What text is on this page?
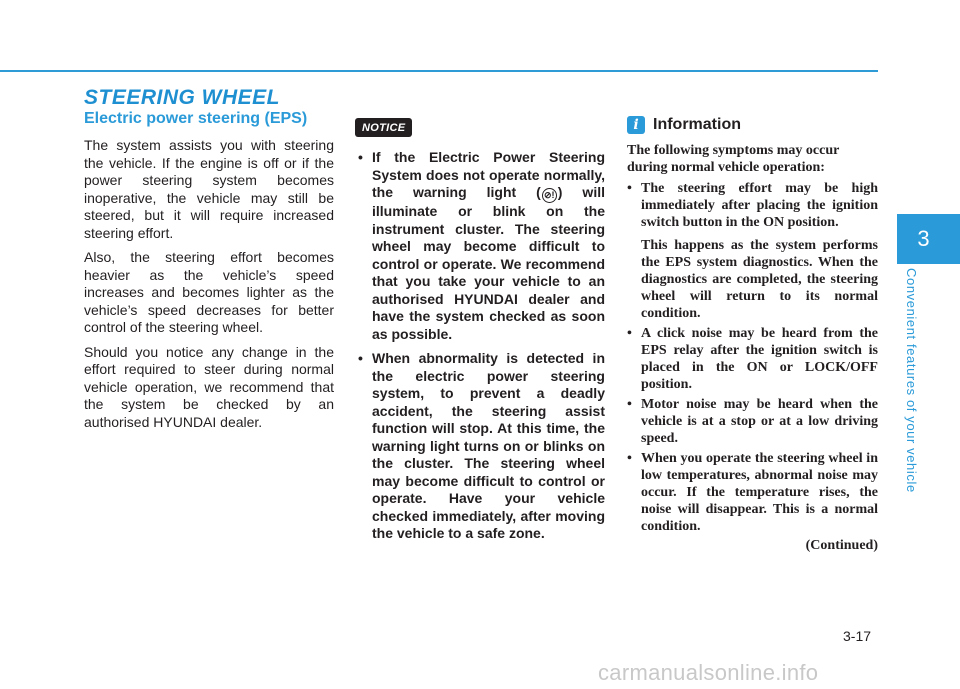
STEERING WHEEL
Electric power steering (EPS)

The system assists you with steering the vehicle. If the engine is off or if the power steering system becomes inoperative, the vehicle may still be steered, but it will require increased steering effort.

Also, the steering effort becomes heavier as the vehicle’s speed increases and becomes lighter as the vehicle’s speed decreases for better control of the steering wheel.

Should you notice any change in the effort required to steer during normal vehicle operation, we recommend that the system be checked by an authorised HYUNDAI dealer.

NOTICE
• If the Electric Power Steering System does not operate normally, the warning light ( ⊘! ) will illuminate or blink on the instrument cluster. The steering wheel may become difficult to control or operate. We recommend that you take your vehicle to an authorised HYUNDAI dealer and have the system checked as soon as possible.
• When abnormality is detected in the electric power steering system, to prevent a deadly accident, the steering assist function will stop. At this time, the warning light turns on or blinks on the cluster. The steering wheel may become difficult to control or operate. Have your vehicle checked immediately, after moving the vehicle to a safe zone.
i Information

The following symptoms may occur during normal vehicle operation:

• The steering effort may be high immediately after placing the ignition switch button in the ON position.
This happens as the system performs the EPS system diagnostics. When the diagnostics are completed, the steering wheel will return to its normal condition.
• A click noise may be heard from the EPS relay after the ignition switch is placed in the ON or LOCK/OFF position.
• Motor noise may be heard when the vehicle is at a stop or at a low driving speed.
• When you operate the steering wheel in low temperatures, abnormal noise may occur. If the temperature rises, the noise will disappear. This is a normal condition.
(Continued)
3
Convenient features of your vehicle
3-17
carmanualsonline.info
